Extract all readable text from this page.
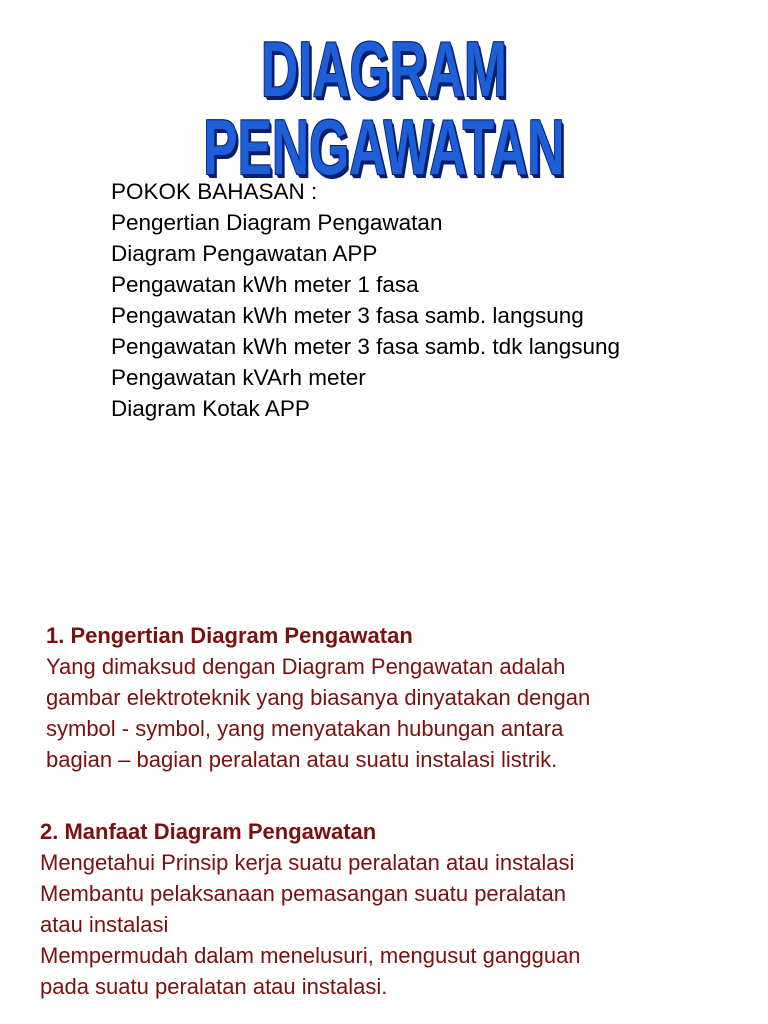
DIAGRAM PENGAWATAN
POKOK BAHASAN :
Pengertian Diagram Pengawatan
Diagram Pengawatan APP
Pengawatan kWh meter 1 fasa
Pengawatan kWh meter 3 fasa samb. langsung
Pengawatan kWh meter 3 fasa samb. tdk langsung
Pengawatan kVArh meter
Diagram Kotak APP
1. Pengertian Diagram Pengawatan
Yang dimaksud dengan Diagram Pengawatan adalah
gambar elektroteknik yang biasanya dinyatakan dengan
symbol - symbol, yang menyatakan hubungan antara
bagian – bagian peralatan atau suatu instalasi listrik.
2. Manfaat Diagram Pengawatan
Mengetahui Prinsip kerja suatu peralatan atau instalasi
Membantu pelaksanaan pemasangan suatu peralatan
atau instalasi
Mempermudah dalam menelusuri, mengusut gangguan
pada suatu peralatan atau instalasi.
